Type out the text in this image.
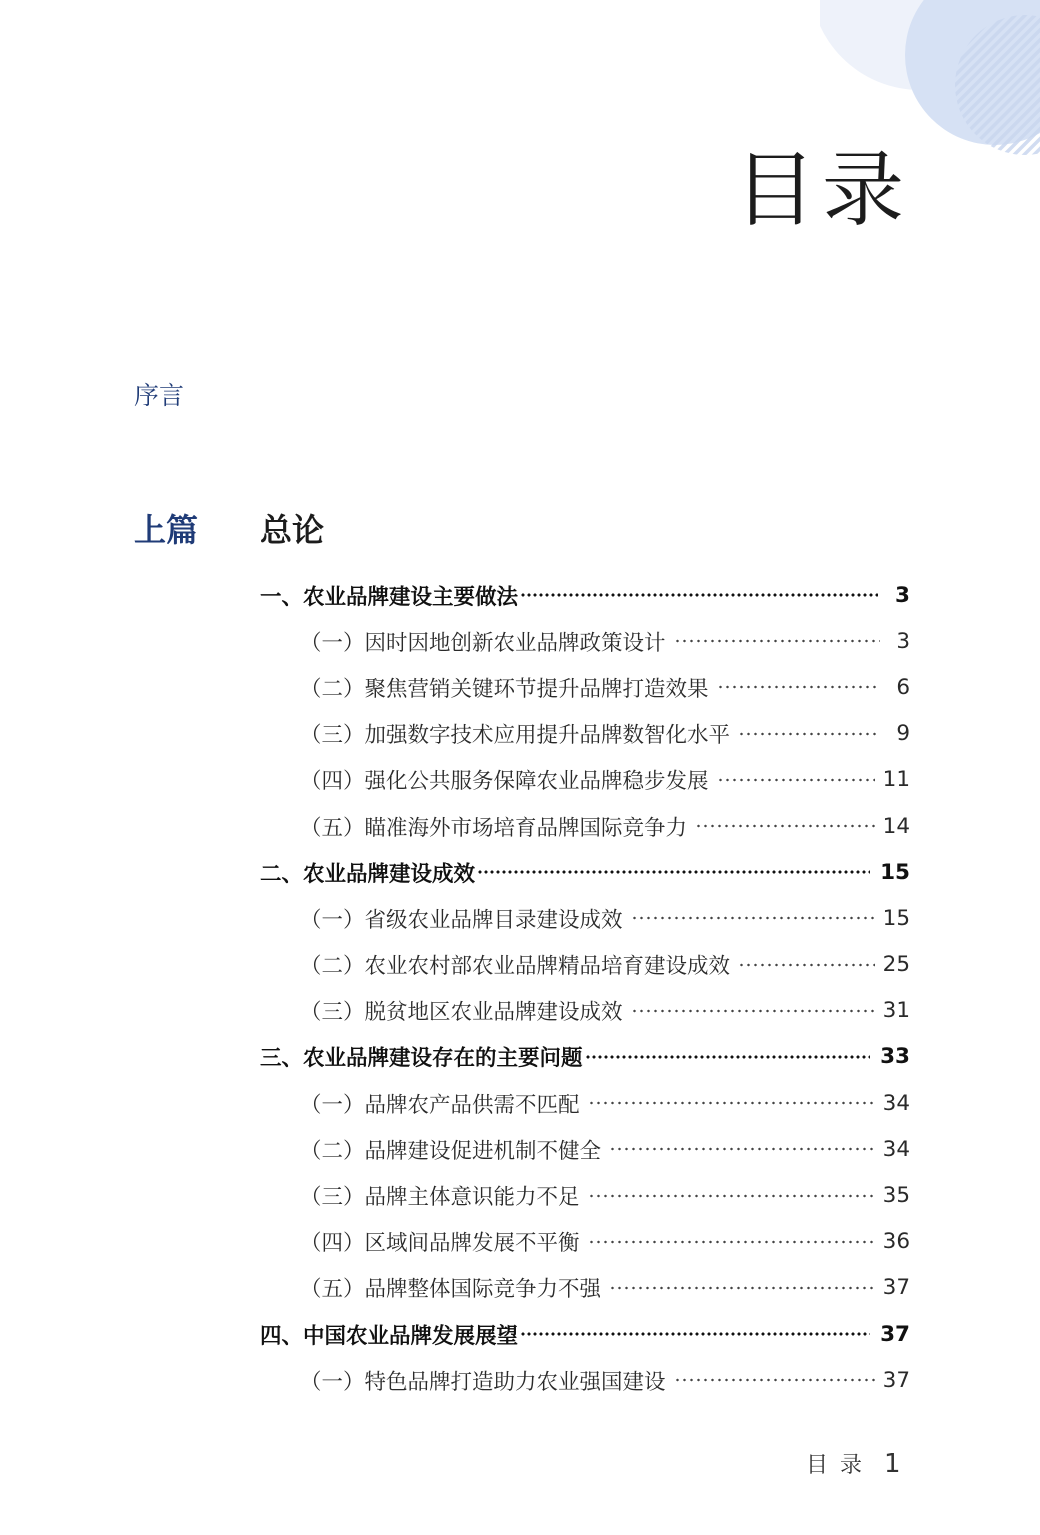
目录
序言
上篇 总论
一、农业品牌建设主要做法	3
（一）因时因地创新农业品牌政策设计	3
（二）聚焦营销关键环节提升品牌打造效果	6
（三）加强数字技术应用提升品牌数智化水平	9
（四）强化公共服务保障农业品牌稳步发展	11
（五）瞄准海外市场培育品牌国际竞争力	14
二、农业品牌建设成效	15
（一）省级农业品牌目录建设成效	15
（二）农业农村部农业品牌精品培育建设成效	25
（三）脱贫地区农业品牌建设成效	31
三、农业品牌建设存在的主要问题	33
（一）品牌农产品供需不匹配	34
（二）品牌建设促进机制不健全	34
（三）品牌主体意识能力不足	35
（四）区域间品牌发展不平衡	36
（五）品牌整体国际竞争力不强	37
四、中国农业品牌发展展望	37
（一）特色品牌打造助力农业强国建设	37
目录 1
